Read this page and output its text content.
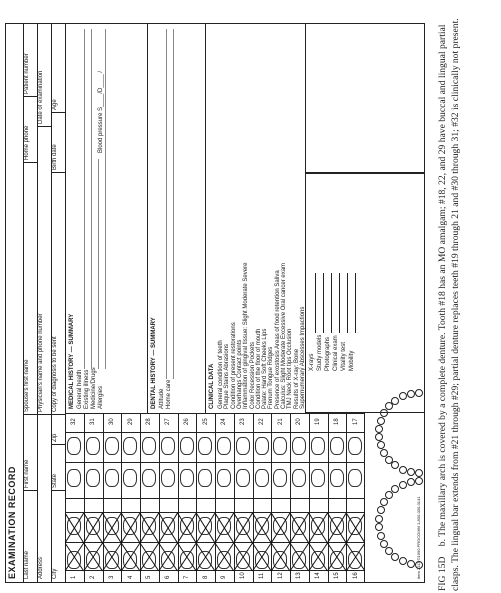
EXAMINATION RECORD Last name
First name
Spouse's first name
Home phone
Patient number
Address
Physician's name and phone number
Date of examination
City
State
Zip
Copy of diagnosis to be sent
Birth date
Age
MEDICAL HISTORY — SUMMARY General health Existing illness Medicine/Drugs Allergies
Blood pressure S____/D____ /
DENTAL HISTORY — SUMMARY Attitude Home care	CLINICAL DATA
Item 2113 ©1990 PROCOMM 1-800-000-0141
1
32
2
31
3
30
4
29
5
28
6
27
7
26
8
25
9
24
10
23
11
22
12
21
13
20
14
19
15
18
16
17
General condition of teeth Plaque Stains Abrasions Condition of present restorations Overhangs Contact points Inflammation of gingival tissue: Slight Moderate Severe Color Recession Pockets Condition of the floor of mouth Palate: Hard Soft Cheeks Lips Frenum Tongue Ridges Presence of exostosis Areas of food retention Saliva Calculus: Slight Moderate Excessive Oral cancer exam TMJ Neck Root tips Occlusion Results of X-ray: Bone Supernumerary Abscesses Impactions X-rays Study models Photographs Clinical exam Vitality test Mobility
FIG 15D b. The maxillary arch is covered by a complete denture. Tooth #18 has an MO amalgam; #18, 22, and 29 have buccal and lingual partial clasps. The lingual bar extends from #21 through #29; partial denture replaces teeth #19 through 21 and #30 through 31; #32 is clinically not present.
